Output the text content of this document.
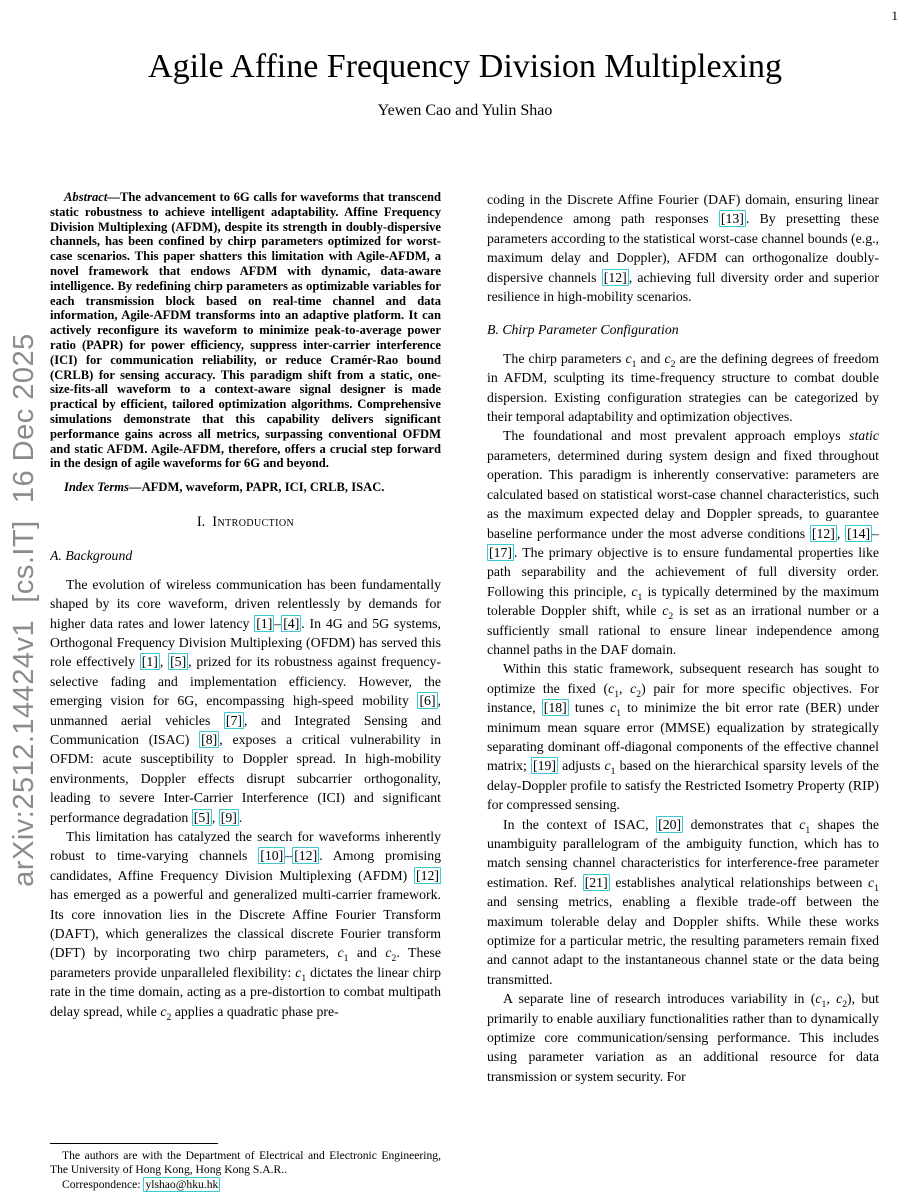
1
arXiv:2512.14424v1  [cs.IT]  16 Dec 2025
Agile Affine Frequency Division Multiplexing
Yewen Cao and Yulin Shao

Abstract—The advancement to 6G calls for waveforms that transcend static robustness to achieve intelligent adaptability. Affine Frequency Division Multiplexing (AFDM), despite its strength in doubly-dispersive channels, has been confined by chirp parameters optimized for worst-case scenarios. This paper shatters this limitation with Agile-AFDM, a novel framework that endows AFDM with dynamic, data-aware intelligence. By redefining chirp parameters as optimizable variables for each transmission block based on real-time channel and data information, Agile-AFDM transforms into an adaptive platform. It can actively reconfigure its waveform to minimize peak-to-average power ratio (PAPR) for power efficiency, suppress inter-carrier interference (ICI) for communication reliability, or reduce Cramér-Rao bound (CRLB) for sensing accuracy. This paradigm shift from a static, one-size-fits-all waveform to a context-aware signal designer is made practical by efficient, tailored optimization algorithms. Comprehensive simulations demonstrate that this capability delivers significant performance gains across all metrics, surpassing conventional OFDM and static AFDM. Agile-AFDM, therefore, offers a crucial step forward in the design of agile waveforms for 6G and beyond.

Index Terms—AFDM, waveform, PAPR, ICI, CRLB, ISAC.

I. Introduction
A. Background

The evolution of wireless communication has been fundamentally shaped by its core waveform, driven relentlessly by demands for higher data rates and lower latency [1] – [4] . In 4G and 5G systems, Orthogonal Frequency Division Multiplexing (OFDM) has served this role effectively [1] , [5] , prized for its robustness against frequency-selective fading and implementation efficiency. However, the emerging vision for 6G, encompassing high-speed mobility [6] , unmanned aerial vehicles [7] , and Integrated Sensing and Communication (ISAC) [8] , exposes a critical vulnerability in OFDM: acute susceptibility to Doppler spread. In high-mobility environments, Doppler effects disrupt subcarrier orthogonality, leading to severe Inter-Carrier Interference (ICI) and significant performance degradation [5] , [9] .

This limitation has catalyzed the search for waveforms inherently robust to time-varying channels [10] – [12] . Among promising candidates, Affine Frequency Division Multiplexing (AFDM) [12] has emerged as a powerful and generalized multi-carrier framework. Its core innovation lies in the Discrete Affine Fourier Transform (DAFT), which generalizes the classical discrete Fourier transform (DFT) by incorporating two chirp parameters, $c_1$ and $c_2$. These parameters provide unparalleled flexibility: $c_1$ dictates the linear chirp rate in the time domain, acting as a pre-distortion to combat multipath delay spread, while $c_2$ applies a quadratic phase pre-

coding in the Discrete Affine Fourier (DAF) domain, ensuring linear independence among path responses [13] . By presetting these parameters according to the statistical worst-case channel bounds (e.g., maximum delay and Doppler), AFDM can orthogonalize doubly-dispersive channels [12] , achieving full diversity order and superior resilience in high-mobility scenarios.

B. Chirp Parameter Configuration

The chirp parameters $c_1$ and $c_2$ are the defining degrees of freedom in AFDM, sculpting its time-frequency structure to combat double dispersion. Existing configuration strategies can be categorized by their temporal adaptability and optimization objectives.

The foundational and most prevalent approach employs static parameters, determined during system design and fixed throughout operation. This paradigm is inherently conservative: parameters are calculated based on statistical worst-case channel characteristics, such as the maximum expected delay and Doppler spreads, to guarantee baseline performance under the most adverse conditions [12] , [14] –[17] . The primary objective is to ensure fundamental properties like path separability and the achievement of full diversity order. Following this principle, $c_1$ is typically determined by the maximum tolerable Doppler shift, while $c_2$ is set as an irrational number or a sufficiently small rational to ensure linear independence among channel paths in the DAF domain.

Within this static framework, subsequent research has sought to optimize the fixed ($c_1$, $c_2$) pair for more specific objectives. For instance, [18] tunes $c_1$ to minimize the bit error rate (BER) under minimum mean square error (MMSE) equalization by strategically separating dominant off-diagonal components of the effective channel matrix; [19] adjusts $c_1$ based on the hierarchical sparsity levels of the delay-Doppler profile to satisfy the Restricted Isometry Property (RIP) for compressed sensing.

In the context of ISAC, [20] demonstrates that $c_1$ shapes the unambiguity parallelogram of the ambiguity function, which has to match sensing channel characteristics for interference-free parameter estimation. Ref. [21] establishes analytical relationships between $c_1$ and sensing metrics, enabling a flexible trade-off between the maximum tolerable delay and Doppler shifts. While these works optimize for a particular metric, the resulting parameters remain fixed and cannot adapt to the instantaneous channel state or the data being transmitted.

A separate line of research introduces variability in ($c_1$, $c_2$), but primarily to enable auxiliary functionalities rather than to dynamically optimize core communication/sensing performance. This includes using parameter variation as an additional resource for data transmission or system security. For

The authors are with the Department of Electrical and Electronic Engineering, The University of Hong Kong, Hong Kong S.A.R..

Correspondence: ylshao@hku.hk
